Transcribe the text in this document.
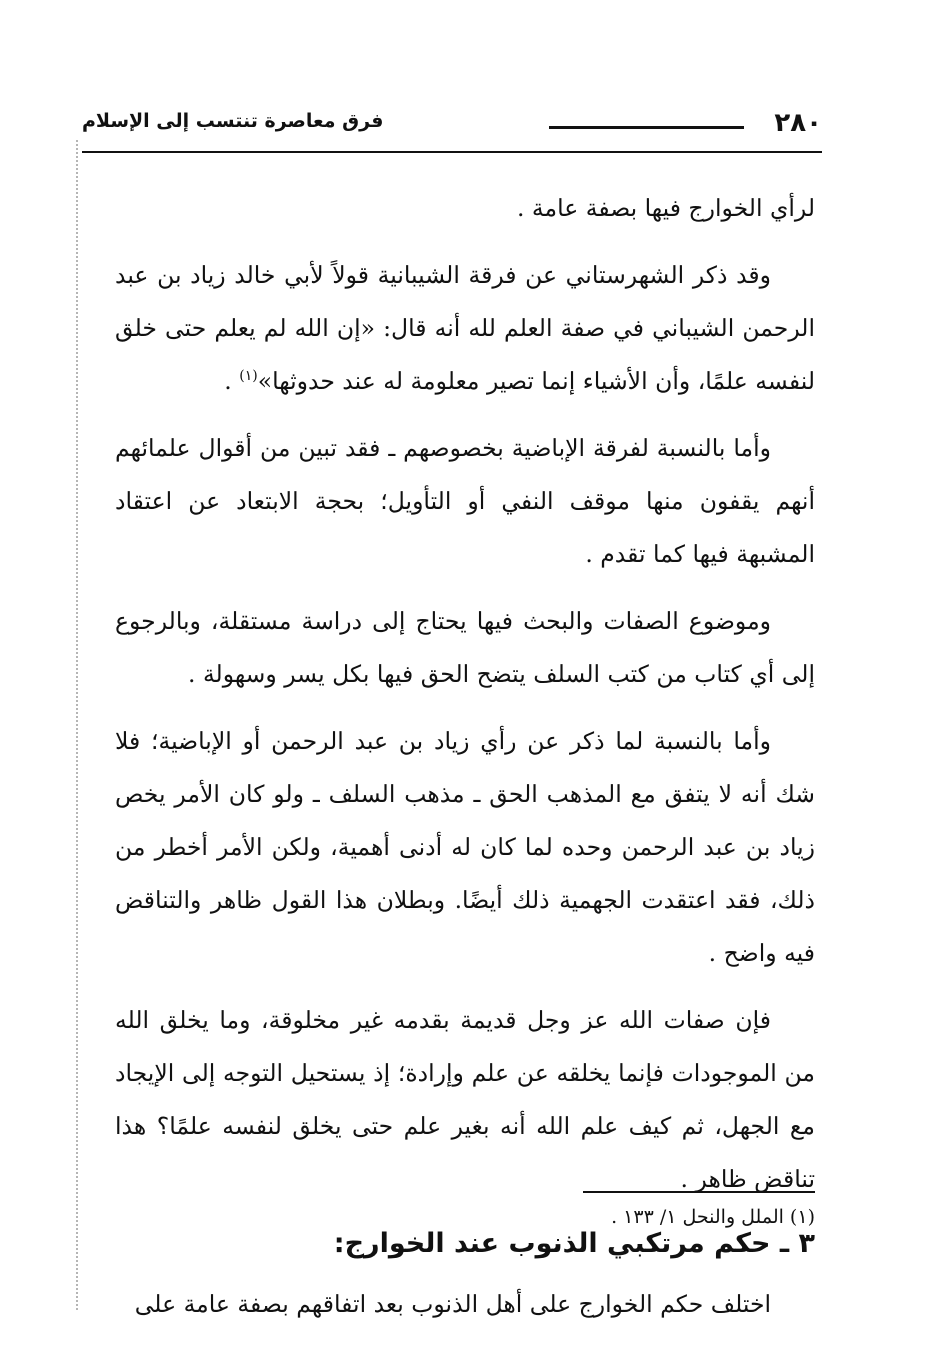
٢٨٠
فرق معاصرة تنتسب إلى الإسلام

لرأي الخوارج فيها بصفة عامة .

وقد ذكر الشهرستاني عن فرقة الشيبانية قولاً لأبي خالد زياد بن عبد الرحمن الشيباني في صفة العلم لله أنه قال: «إن الله لم يعلم حتى خلق لنفسه علمًا، وأن الأشياء إنما تصير معلومة له عند حدوثها»$^{(١)}$ .

وأما بالنسبة لفرقة الإباضية بخصوصهم ـ فقد تبين من أقوال علمائهم أنهم يقفون منها موقف النفي أو التأويل؛ بحجة الابتعاد عن اعتقاد المشبهة فيها كما تقدم .

وموضوع الصفات والبحث فيها يحتاج إلى دراسة مستقلة، وبالرجوع إلى أي كتاب من كتب السلف يتضح الحق فيها بكل يسر وسهولة .

وأما بالنسبة لما ذكر عن رأي زياد بن عبد الرحمن أو الإباضية؛ فلا شك أنه لا يتفق مع المذهب الحق ـ مذهب السلف ـ ولو كان الأمر يخص زياد بن عبد الرحمن وحده لما كان له أدنى أهمية، ولكن الأمر أخطر من ذلك، فقد اعتقدت الجهمية ذلك أيضًا. وبطلان هذا القول ظاهر والتناقض فيه واضح .

فإن صفات الله عز وجل قديمة بقدمه غير مخلوقة، وما يخلق الله من الموجودات فإنما يخلقه عن علم وإرادة؛ إذ يستحيل التوجه إلى الإيجاد مع الجهل، ثم كيف علم الله أنه بغير علم حتى يخلق لنفسه علمًا؟ هذا تناقض ظاهر .

٣ ـ حكم مرتكبي الذنوب عند الخوارج:

اختلف حكم الخوارج على أهل الذنوب بعد اتفاقهم بصفة عامة على

(١) الملل والنحل ١/ ١٣٣ .
